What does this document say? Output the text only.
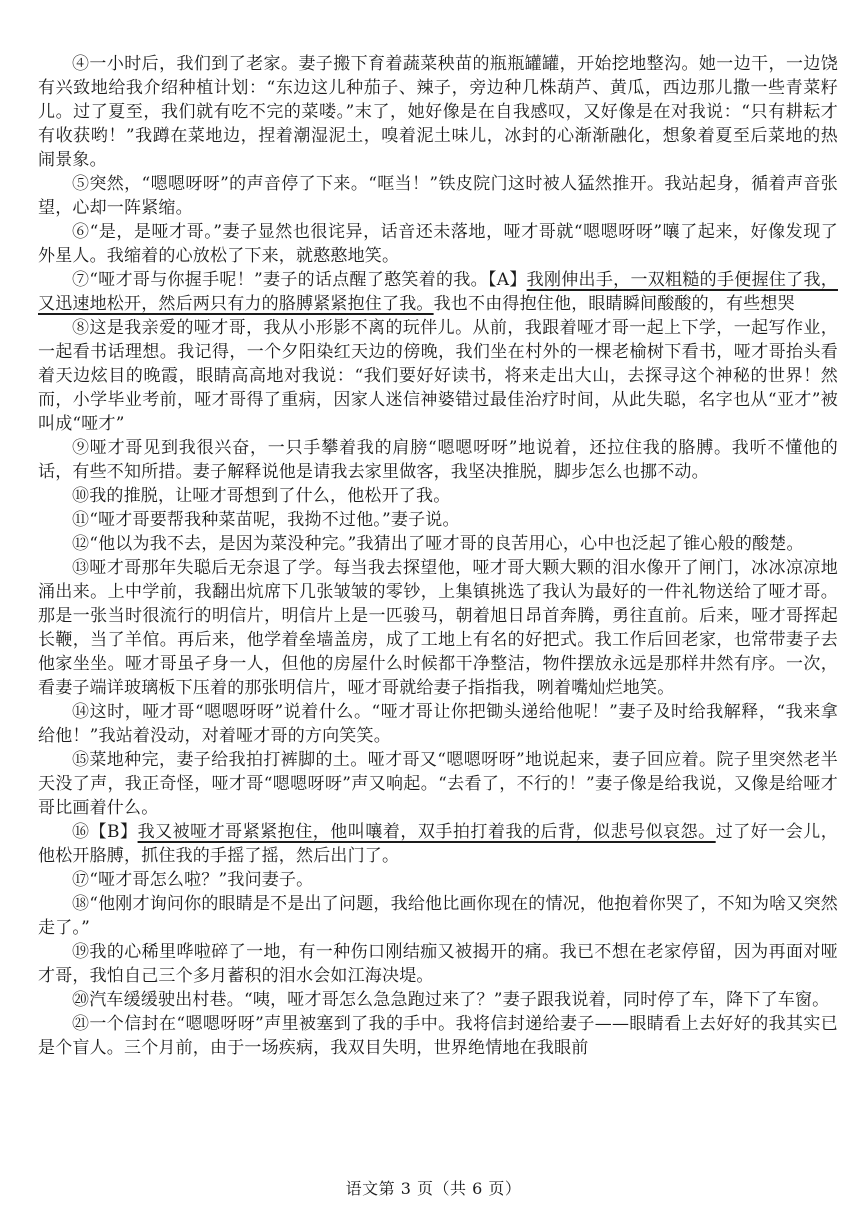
④一小时后，我们到了老家。妻子搬下育着蔬菜秧苗的瓶瓶罐罐，开始挖地整沟。她一边干，一边饶有兴致地给我介绍种植计划：“东边这儿种茄子、辣子，旁边种几株葫芦、黄瓜，西边那儿撒一些青菜籽儿。过了夏至，我们就有吃不完的菜喽。”末了，她好像是在自我感叹，又好像是在对我说：“只有耕耘才有收获哟！”我蹲在菜地边，捏着潮湿泥土，嗅着泥土味儿，冰封的心渐渐融化，想象着夏至后菜地的热闹景象。

⑤突然，“嗯嗯呀呀”的声音停了下来。“哐当！”铁皮院门这时被人猛然推开。我站起身，循着声音张望，心却一阵紧缩。

⑥“是，是哑才哥。”妻子显然也很诧异，话音还未落地，哑才哥就“嗯嗯呀呀”嚷了起来，好像发现了外星人。我缩着的心放松了下来，就憨憨地笑。

⑦“哑才哥与你握手呢！”妻子的话点醒了憨笑着的我。【A】我刚伸出手，一双粗糙的手便握住了我，又迅速地松开，然后两只有力的胳膊紧紧抱住了我。我也不由得抱住他，眼睛瞬间酸酸的，有些想哭

⑧这是我亲爱的哑才哥，我从小形影不离的玩伴儿。从前，我跟着哑才哥一起上下学，一起写作业，一起看书话理想。我记得，一个夕阳染红天边的傍晚，我们坐在村外的一棵老榆树下看书，哑才哥抬头看着天边炫目的晚霞，眼睛高高地对我说：“我们要好好读书，将来走出大山，去探寻这个神秘的世界！然而，小学毕业考前，哑才哥得了重病，因家人迷信神婆错过最佳治疗时间，从此失聪，名字也从“亚才”被叫成“哑才”

⑨哑才哥见到我很兴奋，一只手攀着我的肩膀“嗯嗯呀呀”地说着，还拉住我的胳膊。我听不懂他的话，有些不知所措。妻子解释说他是请我去家里做客，我坚决推脱，脚步怎么也挪不动。

⑩我的推脱，让哑才哥想到了什么，他松开了我。

⑪“哑才哥要帮我种菜苗呢，我拗不过他。”妻子说。

⑫“他以为我不去，是因为菜没种完。”我猜出了哑才哥的良苦用心，心中也泛起了锥心般的酸楚。

⑬哑才哥那年失聪后无奈退了学。每当我去探望他，哑才哥大颗大颗的泪水像开了闸门，冰冰凉凉地涌出来。上中学前，我翻出炕席下几张皱皱的零钞，上集镇挑选了我认为最好的一件礼物送给了哑才哥。那是一张当时很流行的明信片，明信片上是一匹骏马，朝着旭日昂首奔腾，勇往直前。后来，哑才哥挥起长鞭，当了羊倌。再后来，他学着垒墙盖房，成了工地上有名的好把式。我工作后回老家，也常带妻子去他家坐坐。哑才哥虽孑身一人，但他的房屋什么时候都干净整洁，物件摆放永远是那样井然有序。一次，看妻子端详玻璃板下压着的那张明信片，哑才哥就给妻子指指我，咧着嘴灿烂地笑。

⑭这时，哑才哥“嗯嗯呀呀”说着什么。“哑才哥让你把锄头递给他呢！”妻子及时给我解释，“我来拿给他！”我站着没动，对着哑才哥的方向笑笑。

⑮菜地种完，妻子给我拍打裤脚的土。哑才哥又“嗯嗯呀呀”地说起来，妻子回应着。院子里突然老半天没了声，我正奇怪，哑才哥“嗯嗯呀呀”声又响起。“去看了，不行的！”妻子像是给我说，又像是给哑才哥比画着什么。

⑯【B】我又被哑才哥紧紧抱住，他叫嚷着，双手拍打着我的后背，似悲号似哀怨。过了好一会儿，他松开胳膊，抓住我的手摇了摇，然后出门了。

⑰“哑才哥怎么啦？”我问妻子。

⑱“他刚才询问你的眼睛是不是出了问题，我给他比画你现在的情况，他抱着你哭了，不知为啥又突然走了。”

⑲我的心稀里哗啦碎了一地，有一种伤口刚结痂又被揭开的痛。我已不想在老家停留，因为再面对哑才哥，我怕自己三个多月蓄积的泪水会如江海决堤。

⑳汽车缓缓驶出村巷。“咦，哑才哥怎么急急跑过来了？”妻子跟我说着，同时停了车，降下了车窗。

㉑一个信封在“嗯嗯呀呀”声里被塞到了我的手中。我将信封递给妻子——眼睛看上去好好的我其实已是个盲人。三个月前，由于一场疾病，我双目失明，世界绝情地在我眼前

语文第 3 页（共 6 页）
